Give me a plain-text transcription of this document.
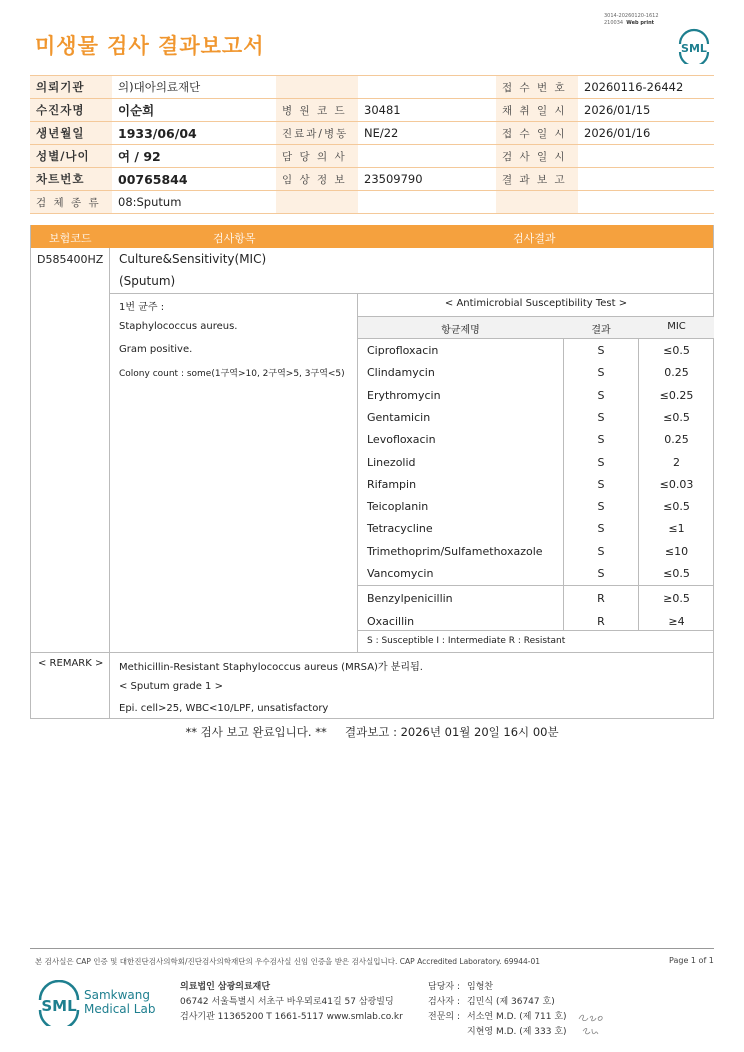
미생물 검사 결과보고서
3014-20260120-1612
210034 Web print
SML
의뢰기관	의)대아의료재단			접 수 번 호	20260116-26442
수진자명	이순희	병 원 코 드	30481	채 취 일 시	2026/01/15
생년월일	1933/06/04	진료과/병동	NE/22	접 수 일 시	2026/01/16
성별/나이	여 / 92	담 당 의 사		검 사 일 시	
차트번호	00765844	임 상 정 보	23509790	결 과 보 고	
검 체 종 류	08:Sputum				
보험코드	검사항목	검사결과
D585400HZ Culture&Sensitivity(MIC)
(Sputum)
1번 균주 :
Staphylococcus aureus.
Gram positive.
Colony count : some(1구역>10, 2구역>5, 3구역<5)
< Antimicrobial Susceptibility Test >
항균제명	결과	MIC
Ciprofloxacin	S	≤0.5
Clindamycin	S	0.25
Erythromycin	S	≤0.25
Gentamicin	S	≤0.5
Levofloxacin	S	0.25
Linezolid	S	2
Rifampin	S	≤0.03
Teicoplanin	S	≤0.5
Tetracycline	S	≤1
Trimethoprim/Sulfamethoxazole	S	≤10
Vancomycin	S	≤0.5
Benzylpenicillin	R	≥0.5
Oxacillin	R	≥4
S : Susceptible I : Intermediate R : Resistant
< REMARK > Methicillin-Resistant Staphylococcus aureus (MRSA)가 분리됨.
< Sputum grade 1 >
Epi. cell>25, WBC<10/LPF, unsatisfactory
** 검사 보고 완료입니다. **     결과보고 : 2026년 01월 20일 16시 00분
본 검사실은 CAP 인증 및 대한진단검사의학회/진단검사의학재단의 우수검사실 신임 인증을 받은 검사실입니다. CAP Accredited Laboratory. 69944-01	Page 1 of 1
SML
Samkwang
Medical Lab
의료법인 삼광의료재단
06742 서울특별시 서초구 바우뫼로41길 57 삼광빌딩
검사기관 11365200 T 1661-5117 www.smlab.co.kr
담당자 : 임형찬
검사자 : 김민식 (제 36747 호)
전문의 : 서소연 M.D. (제 711 호)
지현영 M.D. (제 333 호)
